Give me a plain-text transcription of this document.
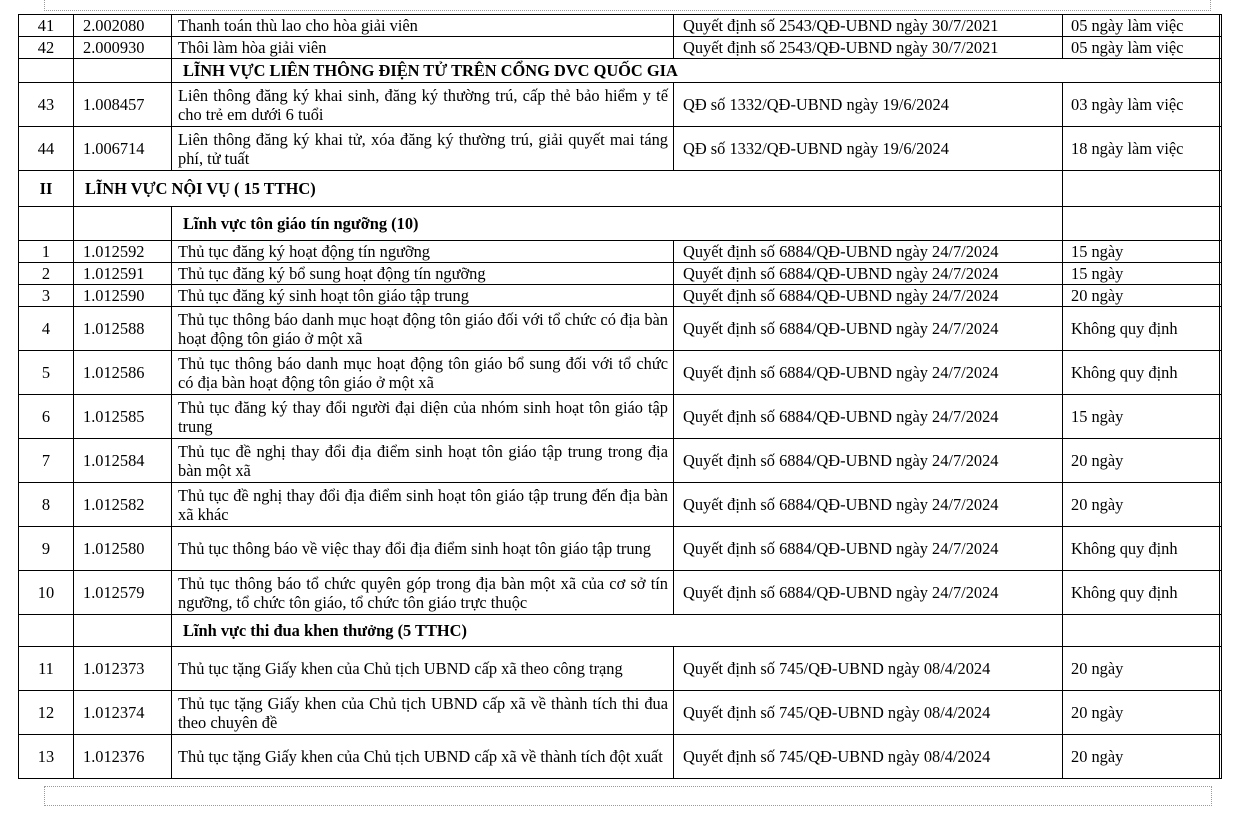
41	2.002080	Thanh toán thù lao cho hòa giải viên	Quyết định số 2543/QĐ-UBND ngày 30/7/2021	05 ngày làm việc
42	2.000930	Thôi làm hòa giải viên	Quyết định số 2543/QĐ-UBND ngày 30/7/2021	05 ngày làm việc
		LĨNH VỰC LIÊN THÔNG ĐIỆN TỬ TRÊN CỔNG DVC QUỐC GIA		
43	1.008457	Liên thông đăng ký khai sinh, đăng ký thường trú, cấp thẻ bảo hiểm y tế cho trẻ em dưới 6 tuổi	QĐ số 1332/QĐ-UBND ngày 19/6/2024	03 ngày làm việc
44	1.006714	Liên thông đăng ký khai tử, xóa đăng ký thường trú, giải quyết mai táng phí, tử tuất	QĐ số 1332/QĐ-UBND ngày 19/6/2024	18 ngày làm việc
II	LĨNH VỰC NỘI VỤ ( 15 TTHC)			
		Lĩnh vực tôn giáo tín ngưỡng (10)		
1	1.012592	Thủ tục đăng ký hoạt động tín ngưỡng	Quyết định số 6884/QĐ-UBND ngày 24/7/2024	15 ngày
2	1.012591	Thủ tục đăng ký bổ sung hoạt động tín ngưỡng	Quyết định số 6884/QĐ-UBND ngày 24/7/2024	15 ngày
3	1.012590	Thủ tục đăng ký sinh hoạt tôn giáo tập trung	Quyết định số 6884/QĐ-UBND ngày 24/7/2024	20 ngày
4	1.012588	Thủ tục thông báo danh mục hoạt động tôn giáo đối với tổ chức có địa bàn hoạt động tôn giáo ở một xã	Quyết định số 6884/QĐ-UBND ngày 24/7/2024	Không quy định
5	1.012586	Thủ tục thông báo danh mục hoạt động tôn giáo bổ sung đối với tổ chức có địa bàn hoạt động tôn giáo ở một xã	Quyết định số 6884/QĐ-UBND ngày 24/7/2024	Không quy định
6	1.012585	Thủ tục đăng ký thay đổi người đại diện của nhóm sinh hoạt tôn giáo tập trung	Quyết định số 6884/QĐ-UBND ngày 24/7/2024	15 ngày
7	1.012584	Thủ tục đề nghị thay đổi địa điểm sinh hoạt tôn giáo tập trung trong địa bàn một xã	Quyết định số 6884/QĐ-UBND ngày 24/7/2024	20 ngày
8	1.012582	Thủ tục đề nghị thay đổi địa điểm sinh hoạt tôn giáo tập trung đến địa bàn xã khác	Quyết định số 6884/QĐ-UBND ngày 24/7/2024	20 ngày
9	1.012580	Thủ tục thông báo về việc thay đổi địa điểm sinh hoạt tôn giáo tập trung	Quyết định số 6884/QĐ-UBND ngày 24/7/2024	Không quy định
10	1.012579	Thủ tục thông báo tổ chức quyên góp trong địa bàn một xã của cơ sở tín ngưỡng, tổ chức tôn giáo, tổ chức tôn giáo trực thuộc	Quyết định số 6884/QĐ-UBND ngày 24/7/2024	Không quy định
		Lĩnh vực thi đua khen thưởng (5 TTHC)		
11	1.012373	Thủ tục tặng Giấy khen của Chủ tịch UBND cấp xã theo công trạng	Quyết định số 745/QĐ-UBND ngày 08/4/2024	20 ngày
12	1.012374	Thủ tục tặng Giấy khen của Chủ tịch UBND cấp xã về thành tích thi đua theo chuyên đề	Quyết định số 745/QĐ-UBND ngày 08/4/2024	20 ngày
13	1.012376	Thủ tục tặng Giấy khen của Chủ tịch UBND cấp xã về thành tích đột xuất	Quyết định số 745/QĐ-UBND ngày 08/4/2024	20 ngày
